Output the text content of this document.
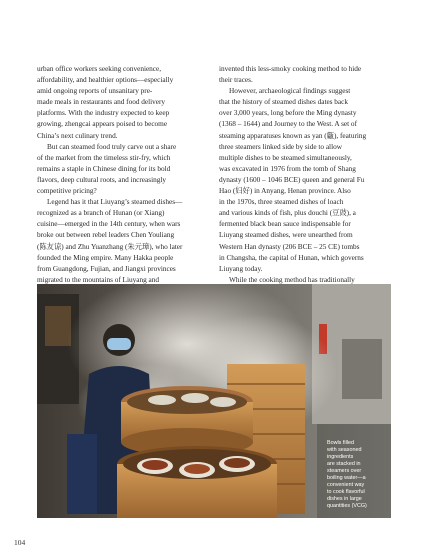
urban office workers seeking convenience,
affordability, and healthier options—especially
amid ongoing reports of unsanitary pre-
made meals in restaurants and food delivery
platforms. With the industry expected to keep
growing, zhengcai appears poised to become
China’s next culinary trend.
But can steamed food truly carve out a share
of the market from the timeless stir-fry, which
remains a staple in Chinese dining for its bold
flavors, deep cultural roots, and increasingly
competitive pricing?
Legend has it that Liuyang’s steamed dishes—
recognized as a branch of Hunan (or Xiang)
cuisine—emerged in the 14th century, when wars
broke out between rebel leaders Chen Youliang
(陈友谅) and Zhu Yuanzhang (朱元璋), who later
founded the Ming empire. Many Hakka people
from Guangdong, Fujian, and Jiangxi provinces
migrated to the mountains of Liuyang and
invented this less-smoky cooking method to hide
their traces.
However, archaeological findings suggest
that the history of steamed dishes dates back
over 3,000 years, long before the Ming dynasty
(1368 – 1644) and Journey to the West. A set of
steaming apparatuses known as yan (甗), featuring
three steamers linked side by side to allow
multiple dishes to be steamed simultaneously,
was excavated in 1976 from the tomb of Shang
dynasty (1600 – 1046 BCE) queen and general Fu
Hao (妇好) in Anyang, Henan province. Also
in the 1970s, three steamed dishes of loach
and various kinds of fish, plus douchi (豆豉), a
fermented black bean sauce indispensable for
Liuyang steamed dishes, were unearthed from
Western Han dynasty (206 BCE – 25 CE) tombs
in Changsha, the capital of Hunan, which governs
Liuyang today.
While the cooking method has traditionally
Bowls filled
with seasoned
ingredients
are stacked in
steamers over
boiling water—a
convenient way
to cook flavorful
dishes in large
quantities (VCG)
104
